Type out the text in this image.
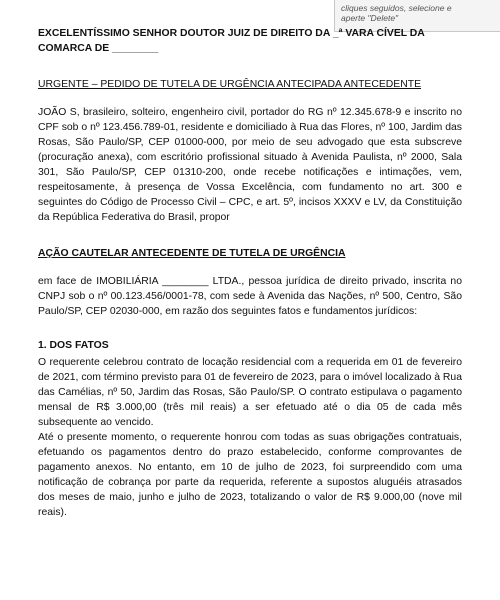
cliques seguidos, selecione e
aperte "Delete"

EXCELENTÍSSIMO SENHOR DOUTOR JUIZ DE DIREITO DA _ª VARA CÍVEL DA

COMARCA DE ________

URGENTE – PEDIDO DE TUTELA DE URGÊNCIA ANTECIPADA ANTECEDENTE

JOÃO S, brasileiro, solteiro, engenheiro civil, portador do RG nº 12.345.678-9 e inscrito no CPF sob o nº 123.456.789-01, residente e domiciliado à Rua das Flores, nº 100, Jardim das Rosas, São Paulo/SP, CEP 01000-000, por meio de seu advogado que esta subscreve (procuração anexa), com escritório profissional situado à Avenida Paulista, nº 2000, Sala 301, São Paulo/SP, CEP 01310-200, onde recebe notificações e intimações, vem, respeitosamente, à presença de Vossa Excelência, com fundamento no art. 300 e seguintes do Código de Processo Civil – CPC, e art. 5º, incisos XXXV e LV, da Constituição da República Federativa do Brasil, propor

AÇÃO CAUTELAR ANTECEDENTE DE TUTELA DE URGÊNCIA

em face de IMOBILIÁRIA ________ LTDA., pessoa jurídica de direito privado, inscrita no CNPJ sob o nº 00.123.456/0001-78, com sede à Avenida das Nações, nº 500, Centro, São Paulo/SP, CEP 02030-000, em razão dos seguintes fatos e fundamentos jurídicos:

1. DOS FATOS

O requerente celebrou contrato de locação residencial com a requerida em 01 de fevereiro de 2021, com término previsto para 01 de fevereiro de 2023, para o imóvel localizado à Rua das Camélias, nº 50, Jardim das Rosas, São Paulo/SP. O contrato estipulava o pagamento mensal de R$ 3.000,00 (três mil reais) a ser efetuado até o dia 05 de cada mês subsequente ao vencido.

Até o presente momento, o requerente honrou com todas as suas obrigações contratuais, efetuando os pagamentos dentro do prazo estabelecido, conforme comprovantes de pagamento anexos. No entanto, em 10 de julho de 2023, foi surpreendido com uma notificação de cobrança por parte da requerida, referente a supostos aluguéis atrasados dos meses de maio, junho e julho de 2023, totalizando o valor de R$ 9.000,00 (nove mil reais).
